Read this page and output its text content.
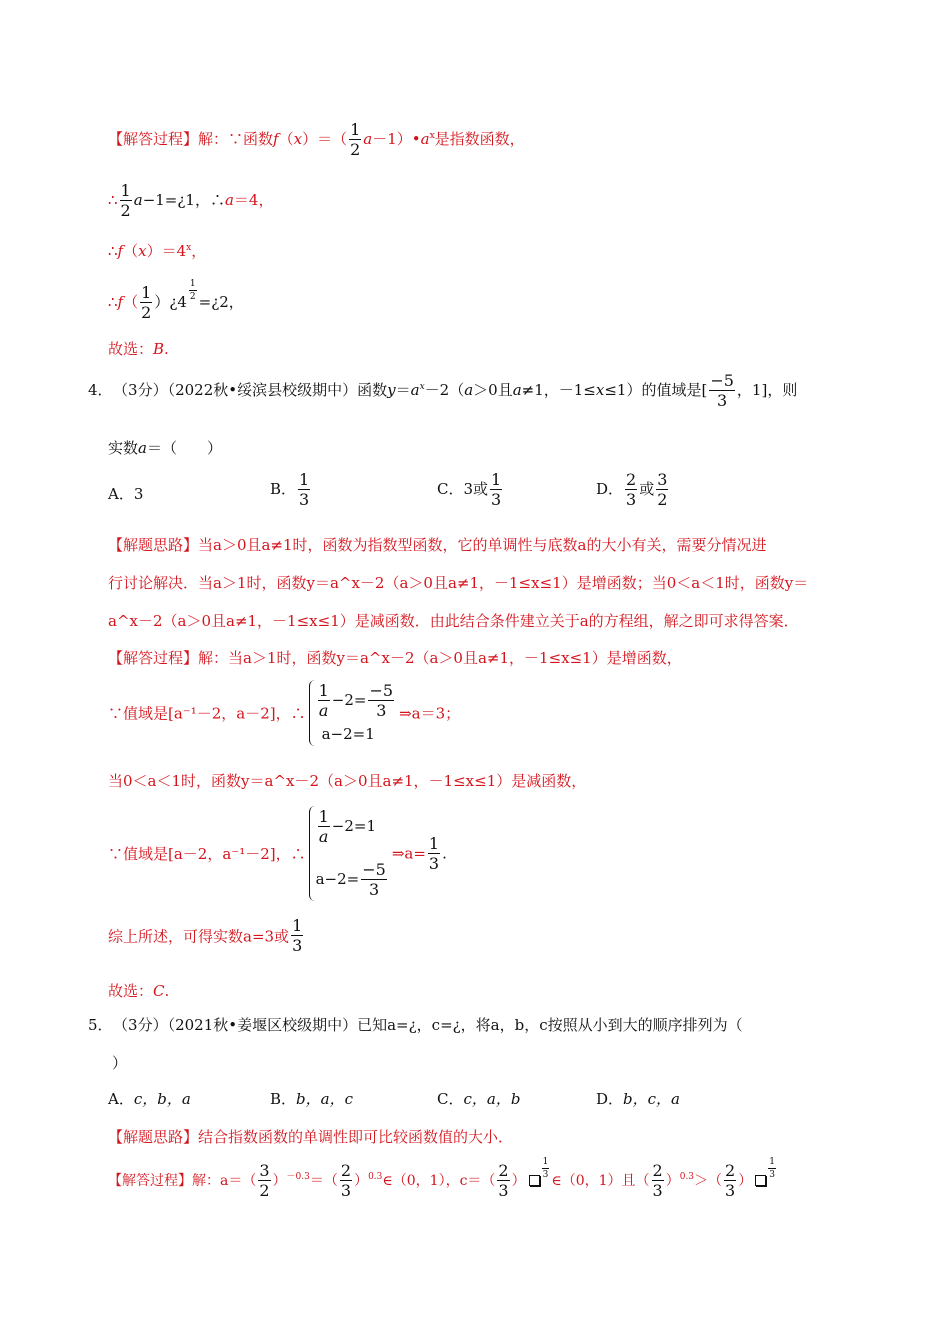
【解答过程】解：∵函数$f(x)=( \frac{1}{2}$ $a-1)•a^x$是指数函数，
∴ $\frac{1}{2}$ a−1=¿1，∴a＝4，
$\therefore f(x)=4^x$，
∴f（ $\frac{1}{2}$ ）¿4 $\frac{1}{2}$ =¿2，
故选：B.
4． （3分）（2022秋•绥滨县校级期中）函数$y=a^x-2(a>0$且a≠1，－1≤x≤1）的值域是[ $\frac{-5}{3}$ ，1]，则
实数a＝（　　）
A．3	B． $\frac{1}{3}$	C．3或 $\frac{1}{3}$	D． $\frac{2}{3}$ 或 $\frac{3}{2}$
【解题思路】当a＞0且a≠1时，函数为指数型函数，它的单调性与底数a的大小有关，需要分情况进
行讨论解决．当a＞1时，函数y＝a^x－2（a＞0且a≠1，－1≤x≤1）是增函数；当0＜a＜1时，函数y＝
a^x－2（a＞0且a≠1，－1≤x≤1）是减函数．由此结合条件建立关于a的方程组，解之即可求得答案．
【解答过程】解：当a＞1时，函数y＝a^x－2（a＞0且a≠1，－1≤x≤1）是增函数，
∵值域是[a⁻¹－2，a－2]，∴ $\frac{1}{a} -2= \frac{-5}{3}$
a−2=1
⇒a＝3；
当0＜a＜1时，函数y＝a^x－2（a＞0且a≠1，－1≤x≤1）是减函数，
∵值域是[a－2，a⁻¹－2]，∴
$\frac{1}{a} -2=1$
$a-2= \frac{-5}{3}$
⇒a= $\frac{1}{3}$ .
综上所述，可得实数a=3或 $\frac{1}{3}$
故选：C.
5． （3分）（2021秋•姜堰区校级期中）已知a=¿，c=¿，将a，b，c按照从小到大的顺序排列为（
）
A．c，b，a	B．b，a，c	C．c，a，b	D．b，c，a
【解题思路】结合指数函数的单调性即可比较函数值的大小．
【解答过程】解：$a=( \frac{3}{2} )^{-0.3}=( \frac{2}{3}$ ）$^{0.3}\in(0$，1），$c=( \frac{2}{3}$ ）
$\frac{1}{3}$
∈（0，1）且（ $\frac{2}{3} )^{0.3}>( \frac{2}{3}$ ）
$\frac{1}{3}$
